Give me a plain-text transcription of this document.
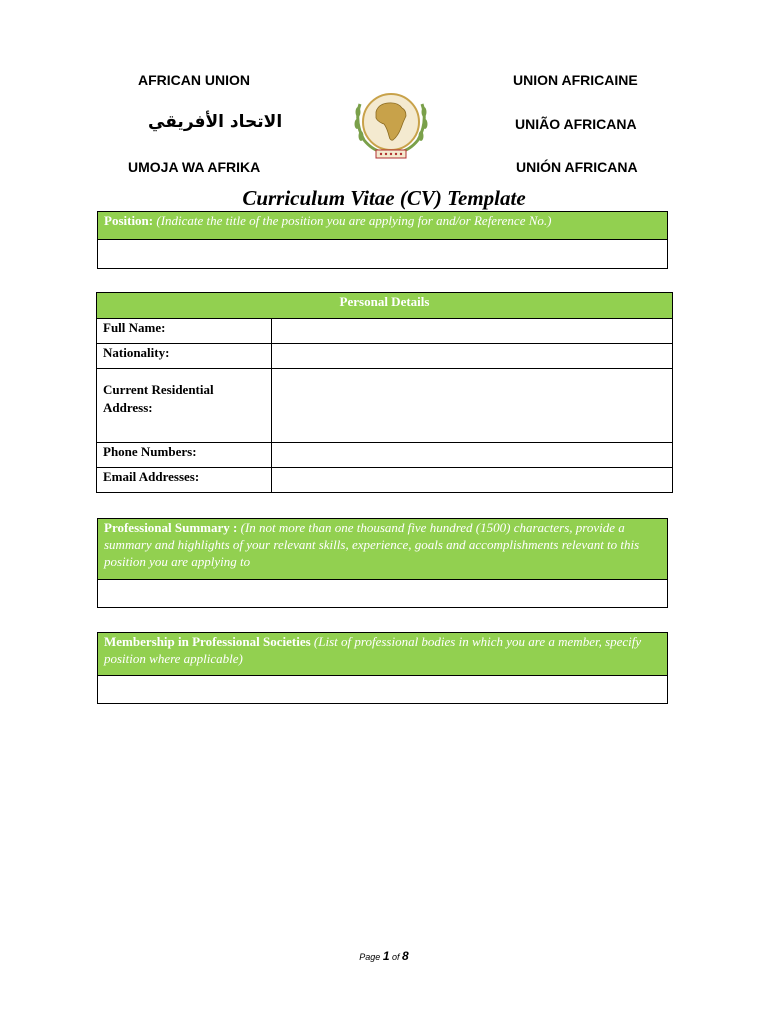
AFRICAN UNION
الاتحاد الأفريقي
UMOJA WA AFRIKA
UNION AFRICAINE
UNIÃO AFRICANA
UNIÓN AFRICANA
Curriculum Vitae (CV) Template
Position: (Indicate the title of the position you are applying for and/or Reference No.)
Personal Details	
Full Name:	
Nationality:	
Current Residential Address:	
Phone Numbers:	
Email Addresses:	
Professional Summary : (In not more than one thousand five hundred (1500) characters, provide a summary and highlights of your relevant skills, experience, goals and accomplishments relevant to this position you are applying to
Membership in Professional Societies (List of professional bodies in which you are a member, specify position where applicable)
Page 1 of 8
